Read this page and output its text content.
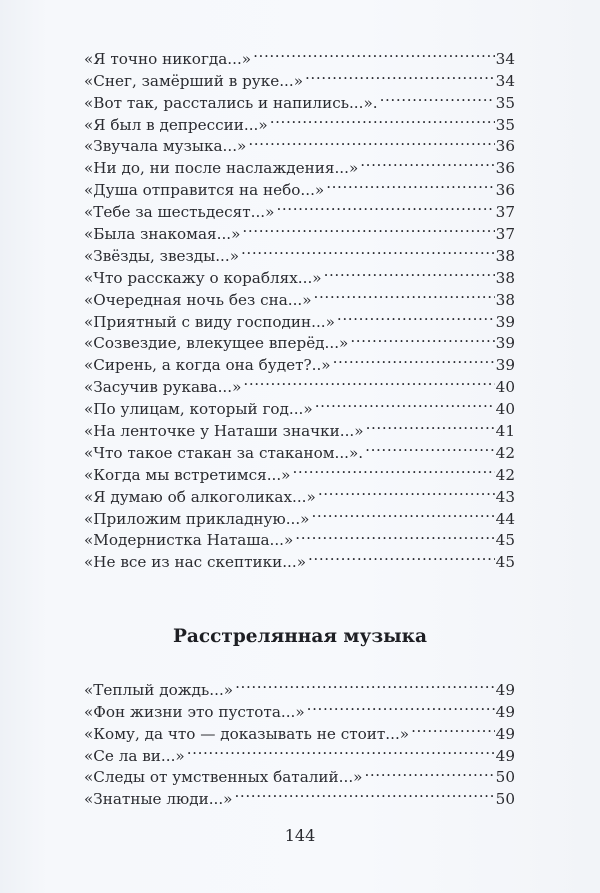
«Я точно никогда...» .....	34
«Снег, замёрший в руке...» .....	34
«Вот так, расстались и напились...». .....	35
«Я был в депрессии...» .....	35
«Звучала музыка...» .....	36
«Ни до, ни после наслаждения...» .....	36
«Душа отправится на небо...» .....	36
«Тебе за шестьдесят...» .....	37
«Была знакомая...» .....	37
«Звёзды, звезды...» .....	38
«Что расскажу о кораблях...» .....	38
«Очередная ночь без сна...» .....	38
«Приятный с виду господин...» .....	39
«Созвездие, влекущее вперёд...» .....	39
«Сирень, а когда она будет?..» .....	39
«Засучив рукава...» .....	40
«По улицам, который год...» .....	40
«На ленточке у Наташи значки...» .....	41
«Что такое стакан за стаканом...». .....	42
«Когда мы встретимся...» .....	42
«Я думаю об алкоголиках...» .....	43
«Приложим прикладную...» .....	44
«Модернистка Наташа...» .....	45
«Не все из нас скептики...» .....	45
Расстрелянная музыка
«Теплый дождь...» .....	49
«Фон жизни это пустота...» .....	49
«Кому, да что — доказывать не стоит...» .....	49
«Се ла ви...» .....	49
«Следы от умственных баталий...» .....	50
«Знатные люди...» .....	50
144
